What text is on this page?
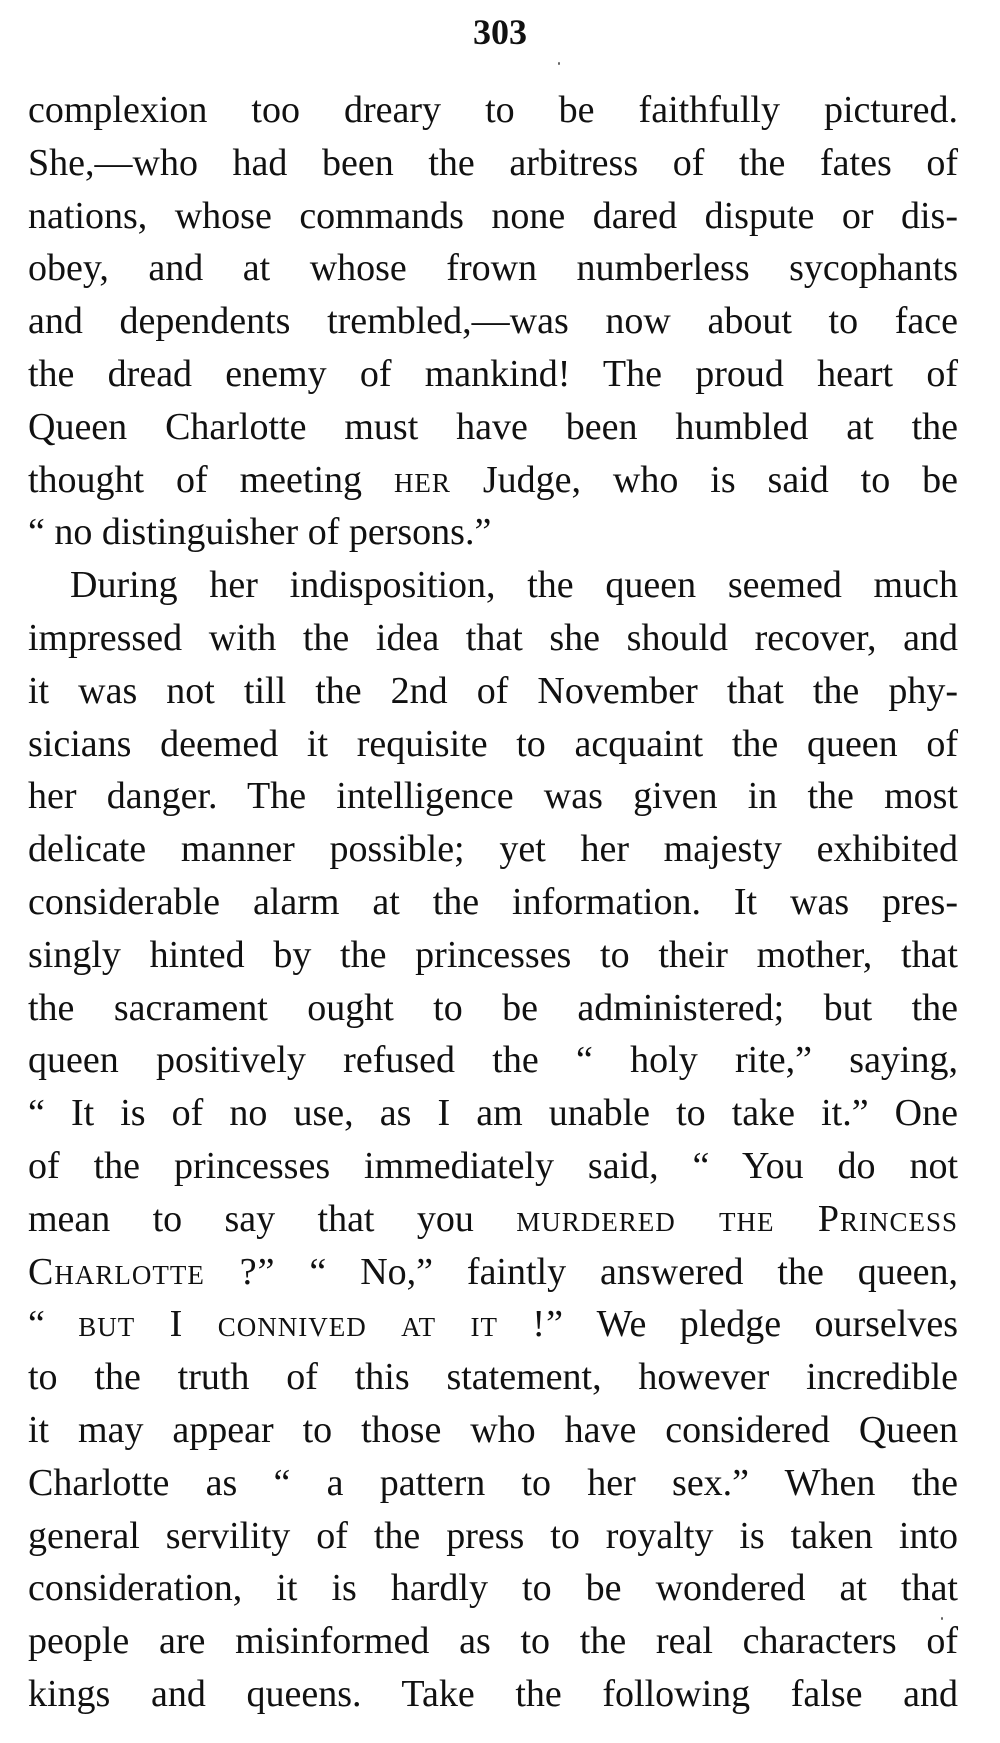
303
complexion too dreary to be faithfully pictured.
She,—who had been the arbitress of the fates of
nations, whose commands none dared dispute or dis-
obey, and at whose frown numberless sycophants
and dependents trembled,—was now about to face
the dread enemy of mankind! The proud heart of
Queen Charlotte must have been humbled at the
thought of meeting her Judge, who is said to be
“ no distinguisher of persons.”
During her indisposition, the queen seemed much
impressed with the idea that she should recover, and
it was not till the 2nd of November that the phy-
sicians deemed it requisite to acquaint the queen of
her danger. The intelligence was given in the most
delicate manner possible; yet her majesty exhibited
considerable alarm at the information. It was pres-
singly hinted by the princesses to their mother, that
the sacrament ought to be administered; but the
queen positively refused the “ holy rite,” saying,
“ It is of no use, as I am unable to take it.” One
of the princesses immediately said, “ You do not
mean to say that you murdered the Princess
Charlotte ?” “ No,” faintly answered the queen,
“ but I connived at it !” We pledge ourselves
to the truth of this statement, however incredible
it may appear to those who have considered Queen
Charlotte as “ a pattern to her sex.” When the
general servility of the press to royalty is taken into
consideration, it is hardly to be wondered at that
people are misinformed as to the real characters of
kings and queens. Take the following false and
